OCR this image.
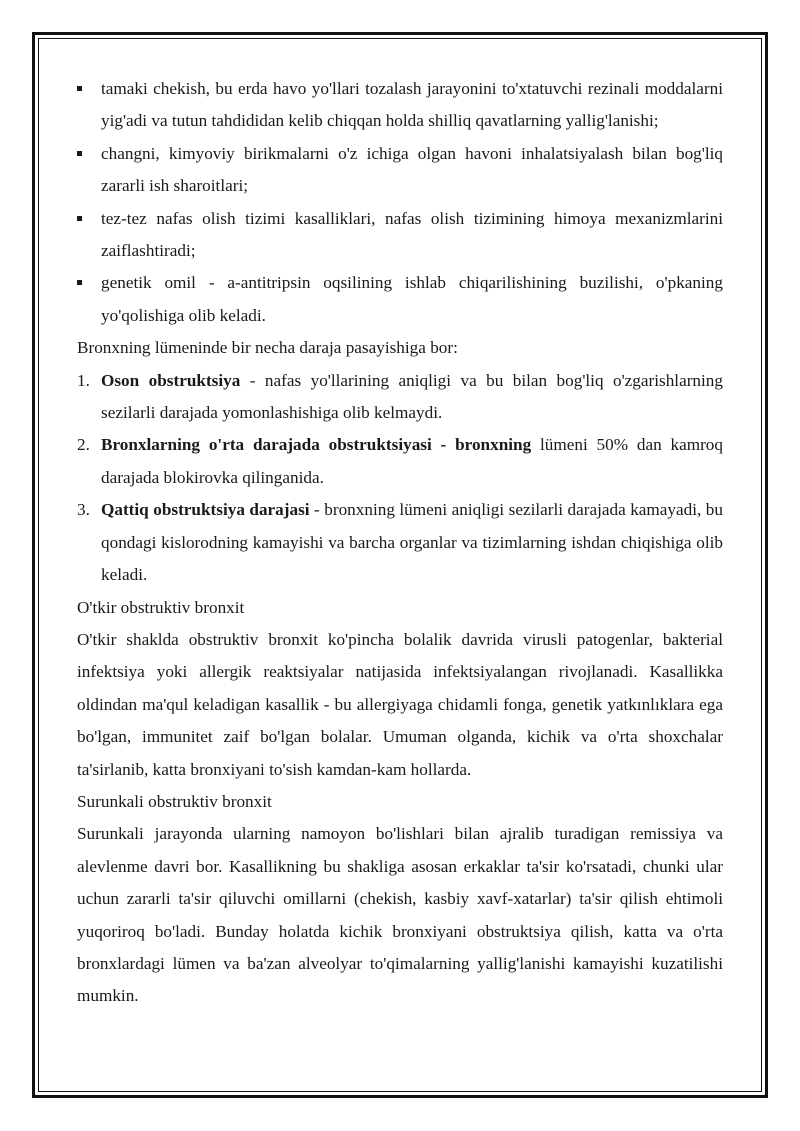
tamaki chekish, bu erda havo yo'llari tozalash jarayonini to'xtatuvchi rezinali moddalarni yig'adi va tutun tahdididan kelib chiqqan holda shilliq qavatlarning yallig'lanishi;
changni, kimyoviy birikmalarni o'z ichiga olgan havoni inhalatsiyalash bilan bog'liq zararli ish sharoitlari;
tez-tez nafas olish tizimi kasalliklari, nafas olish tizimining himoya mexanizmlarini zaiflashtiradi;
genetik omil - a-antitripsin oqsilining ishlab chiqarilishining buzilishi, o'pkaning yo'qolishiga olib keladi.

Bronxning lümeninde bir necha daraja pasayishiga bor:

1. Oson obstruktsiya - nafas yo'llarining aniqligi va bu bilan bog'liq o'zgarishlarning sezilarli darajada yomonlashishiga olib kelmaydi.
2. Bronxlarning o'rta darajada obstruktsiyasi - bronxning lümeni 50% dan kamroq darajada blokirovka qilinganida.
3. Qattiq obstruktsiya darajasi - bronxning lümeni aniqligi sezilarli darajada kamayadi, bu qondagi kislorodning kamayishi va barcha organlar va tizimlarning ishdan chiqishiga olib keladi.

O'tkir obstruktiv bronxit

O'tkir shaklda obstruktiv bronxit ko'pincha bolalik davrida virusli patogenlar, bakterial infektsiya yoki allergik reaktsiyalar natijasida infektsiyalangan rivojlanadi. Kasallikka oldindan ma'qul keladigan kasallik - bu allergiyaga chidamli fonga, genetik yatkınlıklara ega bo'lgan, immunitet zaif bo'lgan bolalar. Umuman olganda, kichik va o'rta shoxchalar ta'sirlanib, katta bronxiyani to'sish kamdan-kam hollarda.

Surunkali obstruktiv bronxit

Surunkali jarayonda ularning namoyon bo'lishlari bilan ajralib turadigan remissiya va alevlenme davri bor. Kasallikning bu shakliga asosan erkaklar ta'sir ko'rsatadi, chunki ular uchun zararli ta'sir qiluvchi omillarni (chekish, kasbiy xavf-xatarlar) ta'sir qilish ehtimoli yuqoriroq bo'ladi. Bunday holatda kichik bronxiyani obstruktsiya qilish, katta va o'rta bronxlardagi lümen va ba'zan alveolyar to'qimalarning yallig'lanishi kamayishi kuzatilishi mumkin.
